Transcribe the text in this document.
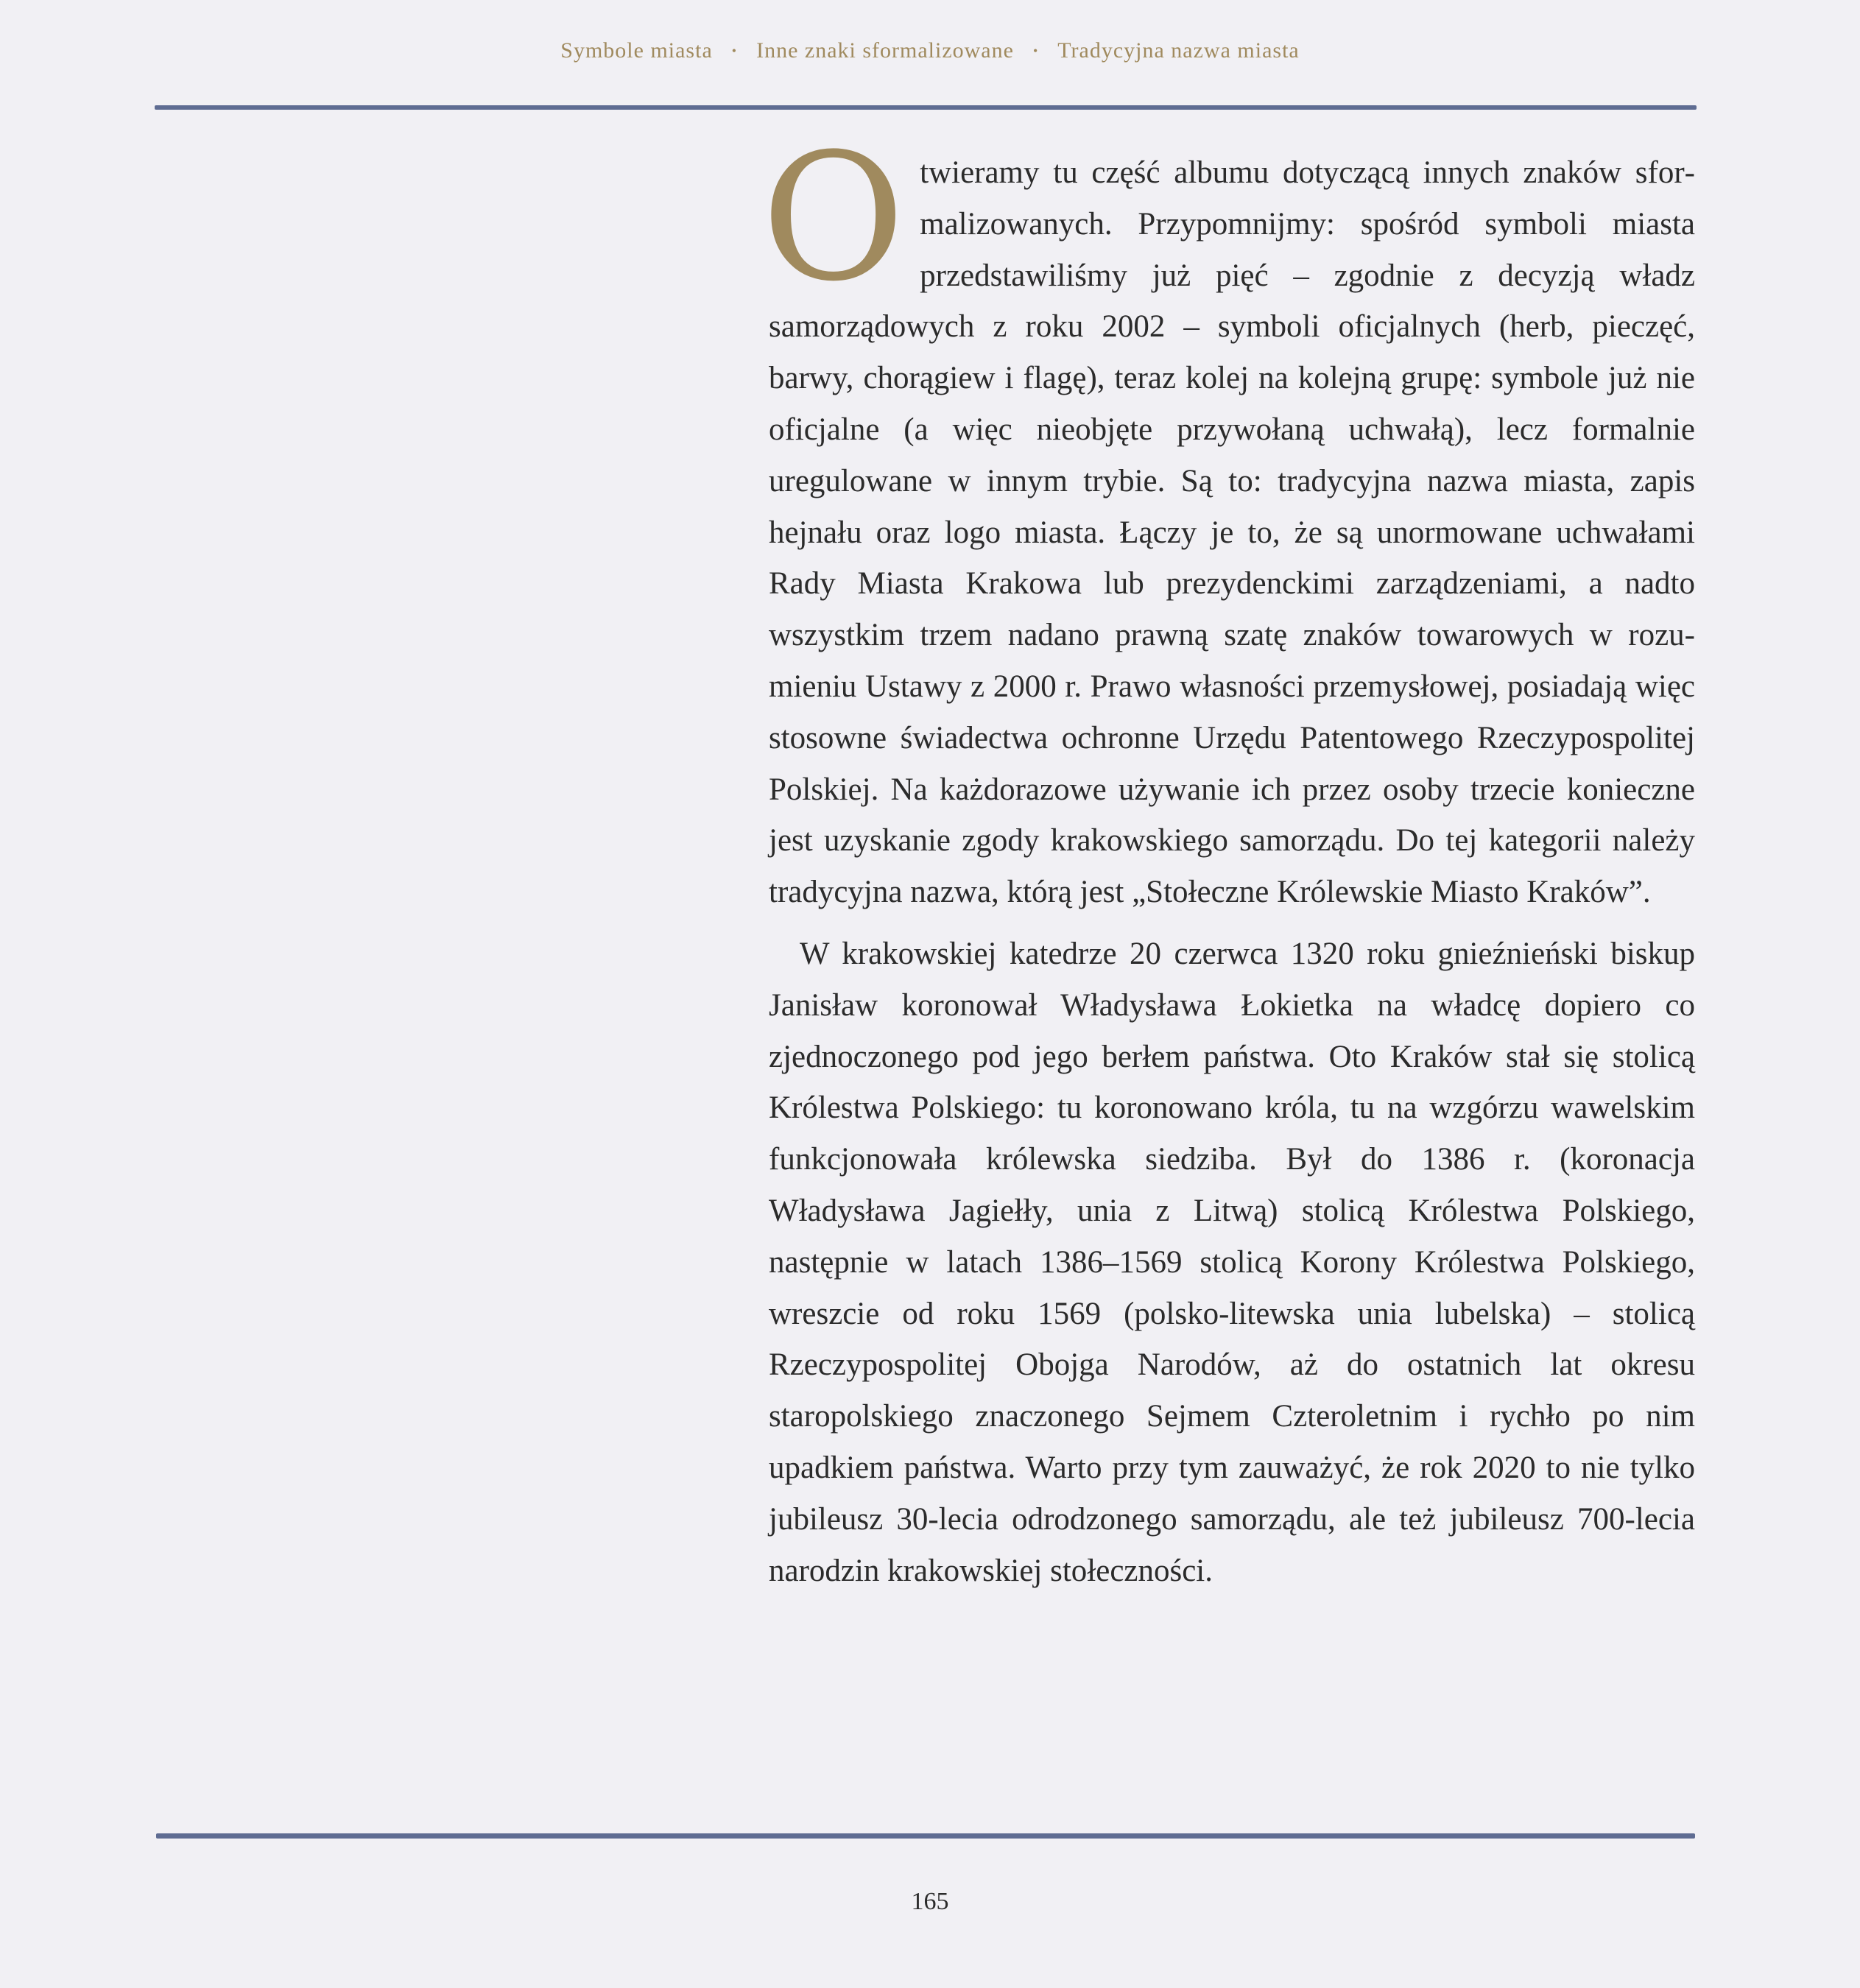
Symbole miasta • Inne znaki sformalizowane • Tradycyjna nazwa miasta

Otwieramy tu część albumu dotyczącą innych znaków sformalizowanych. Przypomnijmy: spośród symboli miasta przedstawiliśmy już pięć – zgodnie z decyzją władz samorządowych z roku 2002 – symboli oficjalnych (herb, pieczęć, barwy, chorągiew i flagę), teraz kolej na kolejną grupę: symbole już nie oficjalne (a więc nieobjęte przywołaną uchwałą), lecz formalnie uregulowane w innym trybie. Są to: tradycyjna nazwa miasta, zapis hejnału oraz logo miasta. Łączy je to, że są unormowane uchwałami Rady Miasta Krakowa lub prezydenckimi zarządzeniami, a nadto wszystkim trzem nadano prawną szatę znaków towarowych w rozumieniu Ustawy z 2000 r. Prawo własności przemysłowej, posiadają więc stosowne świadectwa ochronne Urzędu Patentowego Rzeczypospolitej Polskiej. Na każdorazowe używanie ich przez osoby trzecie konieczne jest uzyskanie zgody krakowskiego samorządu. Do tej kategorii należy tradycyjna nazwa, którą jest „Stołeczne Królewskie Miasto Kraków”.

W krakowskiej katedrze 20 czerwca 1320 roku gnieźnieński biskup Janisław koronował Władysława Łokietka na władcę dopiero co zjednoczonego pod jego berłem państwa. Oto Kraków stał się stolicą Królestwa Polskiego: tu koronowano króla, tu na wzgórzu wawelskim funkcjonowała królewska siedziba. Był do 1386 r. (koronacja Władysława Jagiełły, unia z Litwą) stolicą Królestwa Polskiego, następnie w latach 1386–1569 stolicą Korony Królestwa Polskiego, wreszcie od roku 1569 (polsko-litewska unia lubelska) – stolicą Rzeczypospolitej Obojga Narodów, aż do ostatnich lat okresu staropolskiego znaczonego Sejmem Czteroletnim i rychło po nim upadkiem państwa. Warto przy tym zauważyć, że rok 2020 to nie tylko jubileusz 30-lecia odrodzonego samorządu, ale też jubileusz 700-lecia narodzin krakowskiej stołeczności.

165
